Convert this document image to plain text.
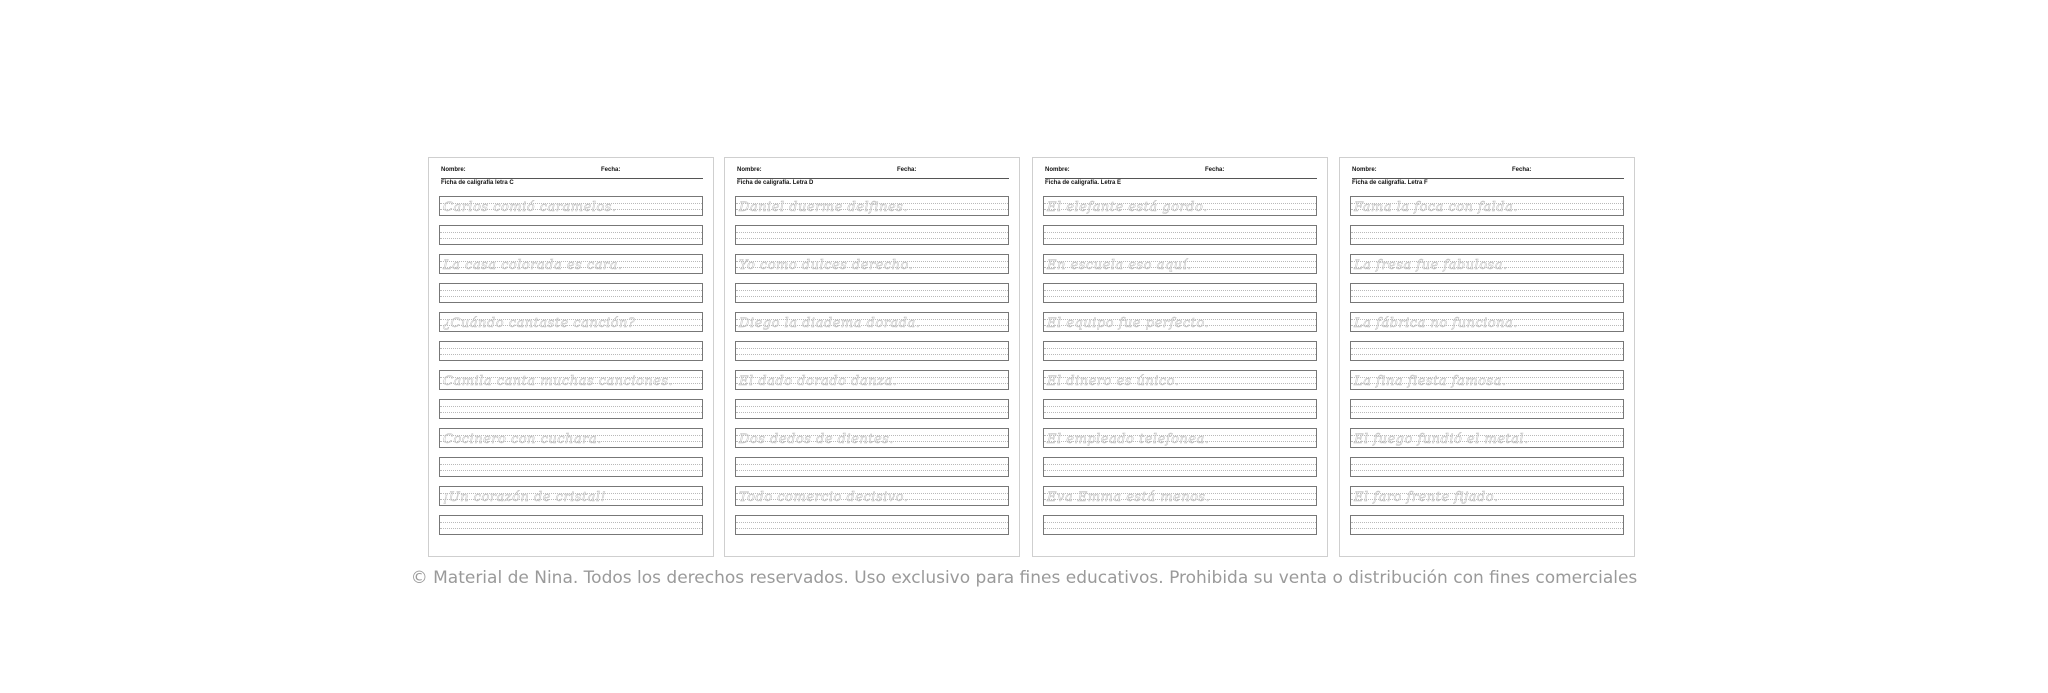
Nombre:	Fecha:
Ficha de caligrafía letra C
Carlos comió caramelos.
La casa colorada es cara.
¿Cuándo cantaste canción?
Camila canta muchas canciones.
Cocinero con cuchara.
¡Un corazón de cristal!
Nombre:	Fecha:
Ficha de caligrafía. Letra D
Daniel duerme delfines.
Yo como dulces derecho.
Diego la diadema dorada.
El dado dorado danza.
Dos dedos de dientes.
Todo comercio decisivo.
Nombre:	Fecha:
Ficha de caligrafía. Letra E
El elefante está gordo.
En escuela eso aquí.
El equipo fue perfecto.
El dinero es único.
El empleado telefonea.
Eva Emma está menos.
Nombre:	Fecha:
Ficha de caligrafía. Letra F
Fama la foca con falda.
La fresa fue fabulosa.
La fábrica no funciona.
La fina fiesta famosa.
El fuego fundió el metal.
El faro frente fijado.
© Material de Nina. Todos los derechos reservados. Uso exclusivo para fines educativos. Prohibida su venta o distribución con fines comerciales
